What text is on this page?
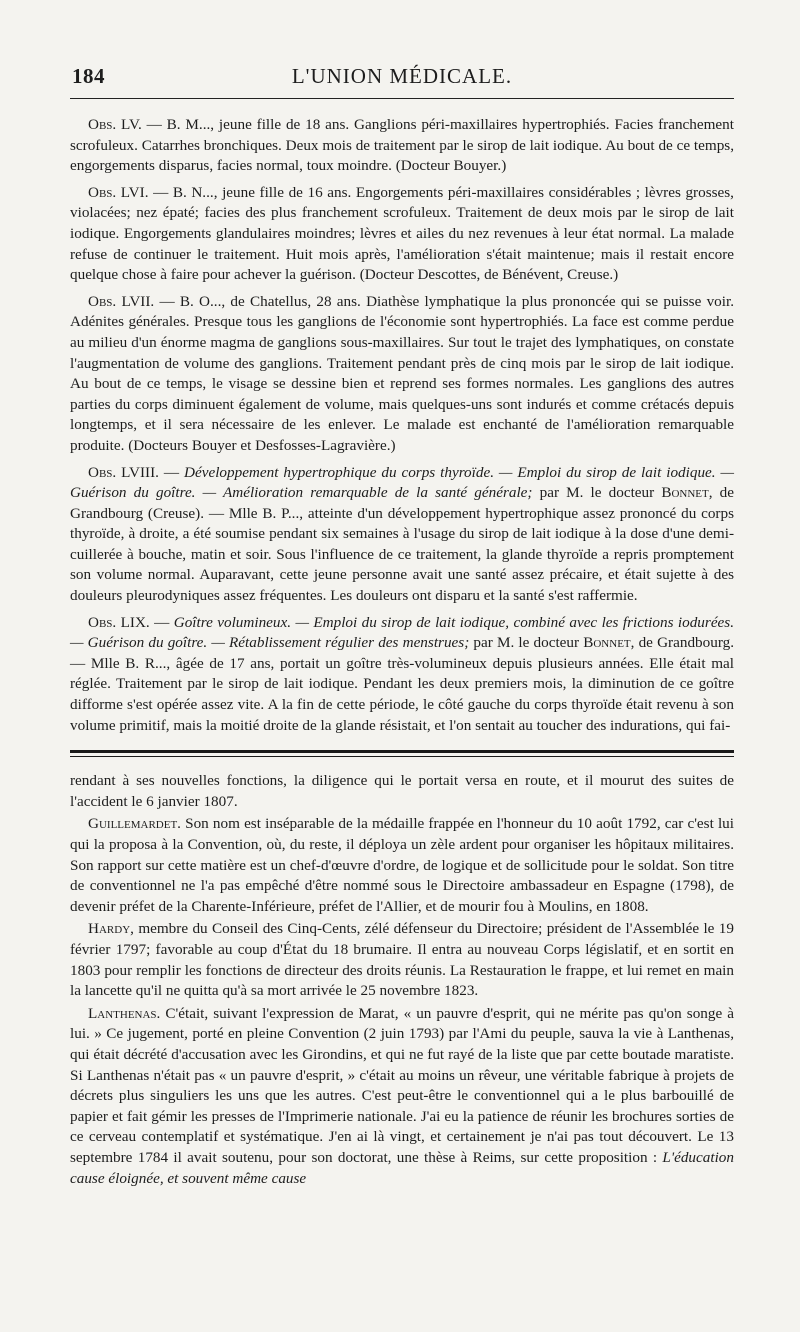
184	L'UNION MÉDICALE.

Obs. LV. — B. M..., jeune fille de 18 ans. Ganglions péri-maxillaires hypertrophiés. Facies franchement scrofuleux. Catarrhes bronchiques. Deux mois de traitement par le sirop de lait iodique. Au bout de ce temps, engorgements disparus, facies normal, toux moindre. (Docteur Bouyer.)

Obs. LVI. — B. N..., jeune fille de 16 ans. Engorgements péri-maxillaires considérables ; lèvres grosses, violacées; nez épaté; facies des plus franchement scrofuleux. Traitement de deux mois par le sirop de lait iodique. Engorgements glandulaires moindres; lèvres et ailes du nez revenues à leur état normal. La malade refuse de continuer le traitement. Huit mois après, l'amélioration s'était maintenue; mais il restait encore quelque chose à faire pour achever la guérison. (Docteur Descottes, de Bénévent, Creuse.)

Obs. LVII. — B. O..., de Chatellus, 28 ans. Diathèse lymphatique la plus prononcée qui se puisse voir. Adénites générales. Presque tous les ganglions de l'économie sont hypertrophiés. La face est comme perdue au milieu d'un énorme magma de ganglions sous-maxillaires. Sur tout le trajet des lymphatiques, on constate l'augmentation de volume des ganglions. Traitement pendant près de cinq mois par le sirop de lait iodique. Au bout de ce temps, le visage se dessine bien et reprend ses formes normales. Les ganglions des autres parties du corps diminuent également de volume, mais quelques-uns sont indurés et comme crétacés depuis longtemps, et il sera nécessaire de les enlever. Le malade est enchanté de l'amélioration remarquable produite. (Docteurs Bouyer et Desfosses-Lagravière.)

Obs. LVIII. — Développement hypertrophique du corps thyroïde. — Emploi du sirop de lait iodique. — Guérison du goître. — Amélioration remarquable de la santé générale; par M. le docteur Bonnet, de Grandbourg (Creuse). — Mlle B. P..., atteinte d'un développement hypertrophique assez prononcé du corps thyroïde, à droite, a été soumise pendant six semaines à l'usage du sirop de lait iodique à la dose d'une demi-cuillerée à bouche, matin et soir. Sous l'influence de ce traitement, la glande thyroïde a repris promptement son volume normal. Auparavant, cette jeune personne avait une santé assez précaire, et était sujette à des douleurs pleurodyniques assez fréquentes. Les douleurs ont disparu et la santé s'est raffermie.

Obs. LIX. — Goître volumineux. — Emploi du sirop de lait iodique, combiné avec les frictions iodurées. — Guérison du goître. — Rétablissement régulier des menstrues; par M. le docteur Bonnet, de Grandbourg. — Mlle B. R..., âgée de 17 ans, portait un goître très-volumineux depuis plusieurs années. Elle était mal réglée. Traitement par le sirop de lait iodique. Pendant les deux premiers mois, la diminution de ce goître difforme s'est opérée assez vite. A la fin de cette période, le côté gauche du corps thyroïde était revenu à son volume primitif, mais la moitié droite de la glande résistait, et l'on sentait au toucher des indurations, qui fai-

rendant à ses nouvelles fonctions, la diligence qui le portait versa en route, et il mourut des suites de l'accident le 6 janvier 1807.

Guillemardet. Son nom est inséparable de la médaille frappée en l'honneur du 10 août 1792, car c'est lui qui la proposa à la Convention, où, du reste, il déploya un zèle ardent pour organiser les hôpitaux militaires. Son rapport sur cette matière est un chef-d'œuvre d'ordre, de logique et de sollicitude pour le soldat. Son titre de conventionnel ne l'a pas empêché d'être nommé sous le Directoire ambassadeur en Espagne (1798), de devenir préfet de la Charente-Inférieure, préfet de l'Allier, et de mourir fou à Moulins, en 1808.

Hardy, membre du Conseil des Cinq-Cents, zélé défenseur du Directoire; président de l'Assemblée le 19 février 1797; favorable au coup d'État du 18 brumaire. Il entra au nouveau Corps législatif, et en sortit en 1803 pour remplir les fonctions de directeur des droits réunis. La Restauration le frappe, et lui remet en main la lancette qu'il ne quitta qu'à sa mort arrivée le 25 novembre 1823.

Lanthenas. C'était, suivant l'expression de Marat, « un pauvre d'esprit, qui ne mérite pas qu'on songe à lui. » Ce jugement, porté en pleine Convention (2 juin 1793) par l'Ami du peuple, sauva la vie à Lanthenas, qui était décrété d'accusation avec les Girondins, et qui ne fut rayé de la liste que par cette boutade maratiste. Si Lanthenas n'était pas « un pauvre d'esprit, » c'était au moins un rêveur, une véritable fabrique à projets de décrets plus singuliers les uns que les autres. C'est peut-être le conventionnel qui a le plus barbouillé de papier et fait gémir les presses de l'Imprimerie nationale. J'ai eu la patience de réunir les brochures sorties de ce cerveau contemplatif et systématique. J'en ai là vingt, et certainement je n'ai pas tout découvert. Le 13 septembre 1784 il avait soutenu, pour son doctorat, une thèse à Reims, sur cette proposition : L'éducation cause éloignée, et souvent même cause
